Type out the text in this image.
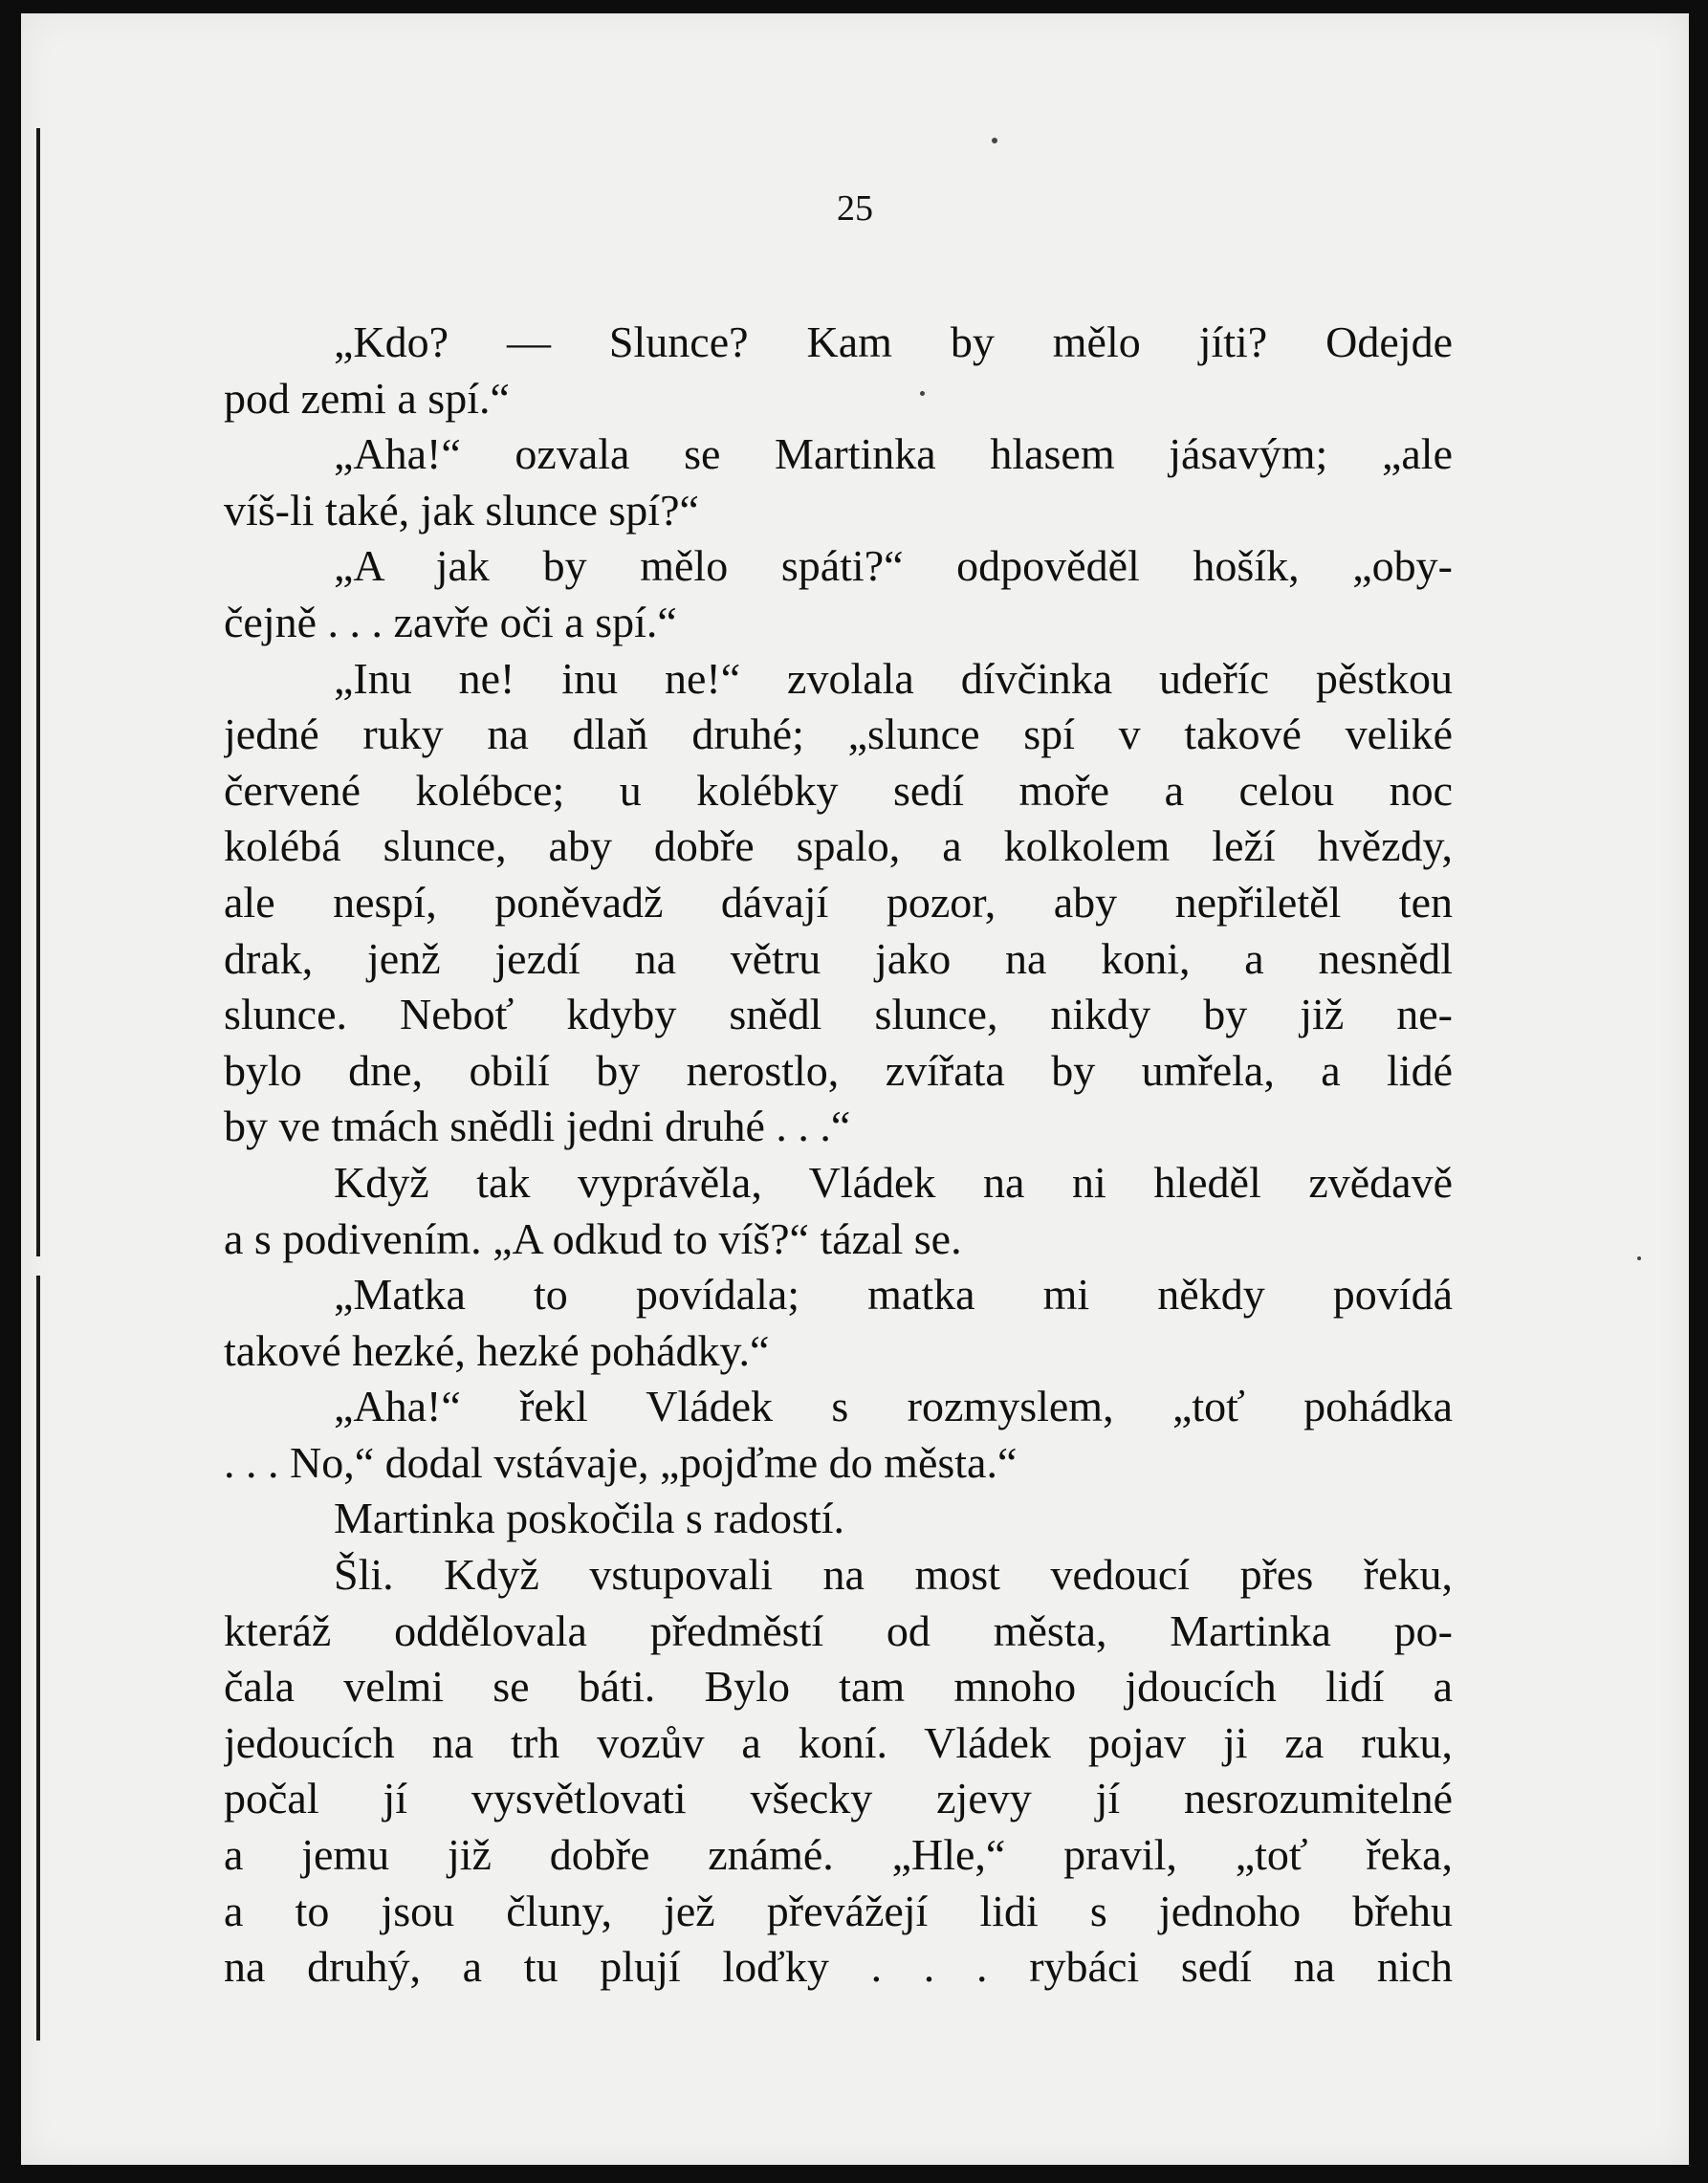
25
„Kdo? — Slunce? Kam by mělo jíti? Odejde
pod zemi a spí.“
„Aha!“ ozvala se Martinka hlasem jásavým; „ale
víš-li také, jak slunce spí?“
„A jak by mělo spáti?“ odpověděl hošík, „oby-
čejně . . . zavře oči a spí.“
„Inu ne! inu ne!“ zvolala dívčinka udeříc pěstkou
jedné ruky na dlaň druhé; „slunce spí v takové veliké
červené kolébce; u kolébky sedí moře a celou noc
kolébá slunce, aby dobře spalo, a kolkolem leží hvězdy,
ale nespí, poněvadž dávají pozor, aby nepřiletěl ten
drak, jenž jezdí na větru jako na koni, a nesnědl
slunce. Neboť kdyby snědl slunce, nikdy by již ne-
bylo dne, obilí by nerostlo, zvířata by umřela, a lidé
by ve tmách snědli jedni druhé . . .“
Když tak vyprávěla, Vládek na ni hleděl zvědavě
a s podivením. „A odkud to víš?“ tázal se.
„Matka to povídala; matka mi někdy povídá
takové hezké, hezké pohádky.“
„Aha!“ řekl Vládek s rozmyslem, „toť pohádka
. . . No,“ dodal vstávaje, „pojďme do města.“
Martinka poskočila s radostí.
Šli. Když vstupovali na most vedoucí přes řeku,
kteráž oddělovala předměstí od města, Martinka po-
čala velmi se báti. Bylo tam mnoho jdoucích lidí a
jedoucích na trh vozův a koní. Vládek pojav ji za ruku,
počal jí vysvětlovati všecky zjevy jí nesrozumitelné
a jemu již dobře známé. „Hle,“ pravil, „toť řeka,
a to jsou čluny, jež převážejí lidi s jednoho břehu
na druhý, a tu plují loďky . . . rybáci sedí na nich
